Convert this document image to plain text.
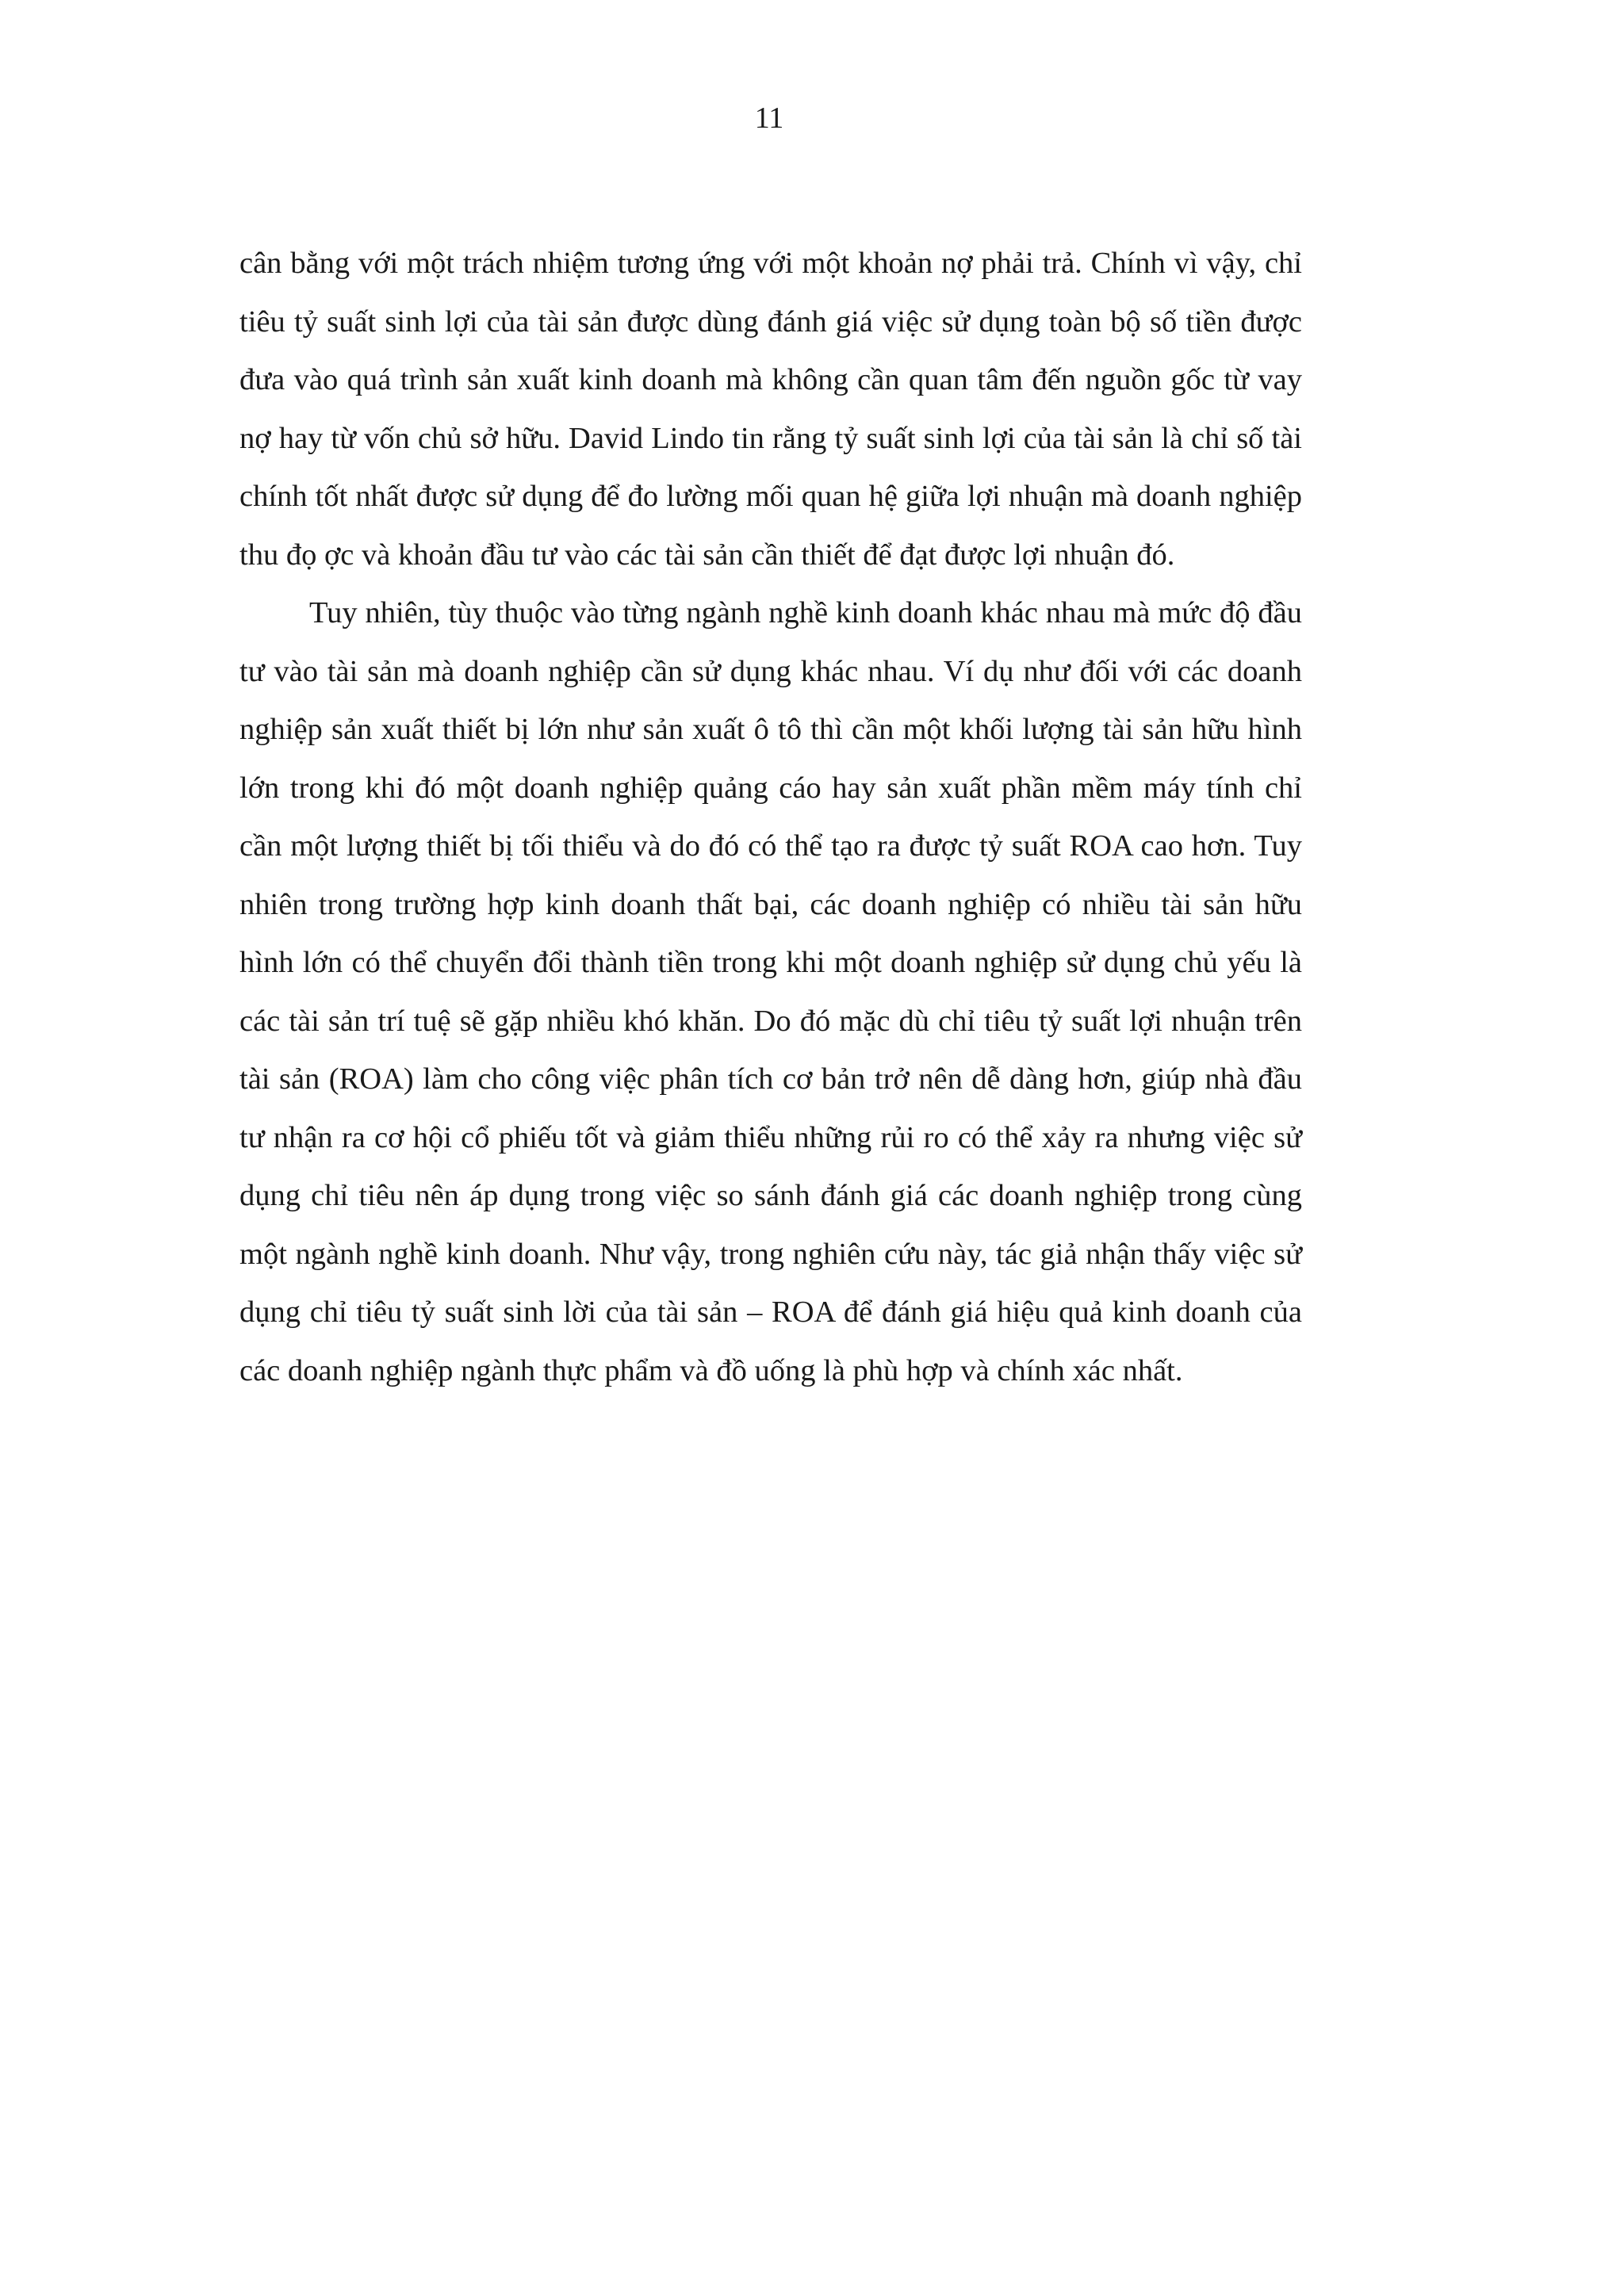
11

cân bằng với một trách nhiệm tương ứng với một khoản nợ phải trả. Chính vì vậy, chỉ tiêu tỷ suất sinh lợi của tài sản được dùng đánh giá việc sử dụng toàn bộ số tiền được đưa vào quá trình sản xuất kinh doanh mà không cần quan tâm đến nguồn gốc từ vay nợ hay từ vốn chủ sở hữu. David Lindo tin rằng tỷ suất sinh lợi của tài sản là chỉ số tài chính tốt nhất được sử dụng để đo lường mối quan hệ giữa lợi nhuận mà doanh nghiệp thu đọ ợc và khoản đầu tư vào các tài sản cần thiết để đạt được lợi nhuận đó.

Tuy nhiên, tùy thuộc vào từng ngành nghề kinh doanh khác nhau mà mức độ đầu tư vào tài sản mà doanh nghiệp cần sử dụng khác nhau. Ví dụ như đối với các doanh nghiệp sản xuất thiết bị lớn như sản xuất ô tô thì cần một khối lượng tài sản hữu hình lớn trong khi đó một doanh nghiệp quảng cáo hay sản xuất phần mềm máy tính chỉ cần một lượng thiết bị tối thiểu và do đó có thể tạo ra được tỷ suất ROA cao hơn. Tuy nhiên trong trường hợp kinh doanh thất bại, các doanh nghiệp có nhiều tài sản hữu hình lớn có thể chuyển đổi thành tiền trong khi một doanh nghiệp sử dụng chủ yếu là các tài sản trí tuệ sẽ gặp nhiều khó khăn. Do đó mặc dù chỉ tiêu tỷ suất lợi nhuận trên tài sản (ROA) làm cho công việc phân tích cơ bản trở nên dễ dàng hơn, giúp nhà đầu tư nhận ra cơ hội cổ phiếu tốt và giảm thiểu những rủi ro có thể xảy ra nhưng việc sử dụng chỉ tiêu nên áp dụng trong việc so sánh đánh giá các doanh nghiệp trong cùng một ngành nghề kinh doanh. Như vậy, trong nghiên cứu này, tác giả nhận thấy việc sử dụng chỉ tiêu tỷ suất sinh lời của tài sản – ROA để đánh giá hiệu quả kinh doanh của các doanh nghiệp ngành thực phẩm và đồ uống là phù hợp và chính xác nhất.
